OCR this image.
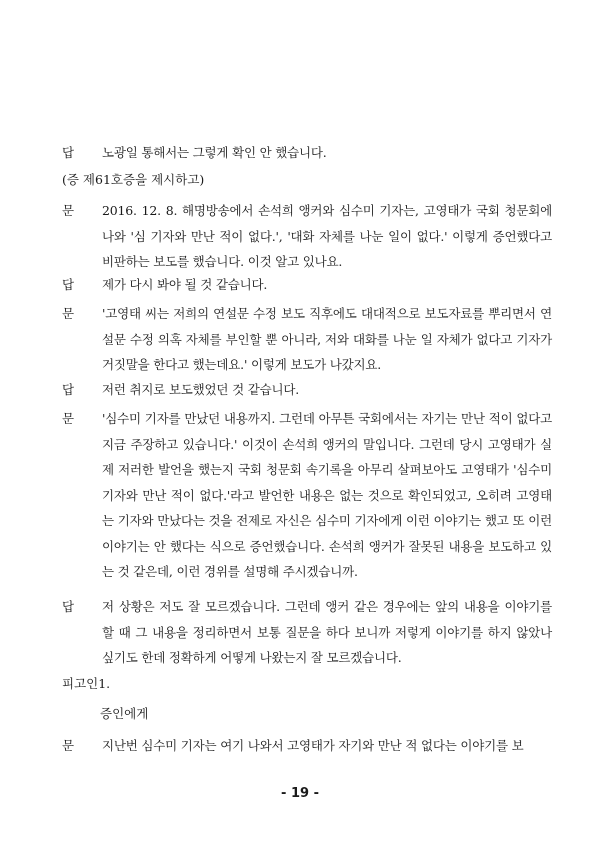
답	노광일 통해서는 그렇게 확인 안 했습니다.
(증 제61호증을 제시하고)
문	2016. 12. 8. 해명방송에서 손석희 앵커와 심수미 기자는, 고영태가 국회 청문회에 나와 '심 기자와 만난 적이 없다.', '대화 자체를 나눈 일이 없다.' 이렇게 증언했다고 비판하는 보도를 했습니다. 이것 알고 있나요.
답	제가 다시 봐야 될 것 같습니다.
문	'고영태 씨는 저희의 연설문 수정 보도 직후에도 대대적으로 보도자료를 뿌리면서 연설문 수정 의혹 자체를 부인할 뿐 아니라, 저와 대화를 나눈 일 자체가 없다고 기자가 거짓말을 한다고 했는데요.' 이렇게 보도가 나갔지요.
답	저런 취지로 보도했었던 것 같습니다.
문	'심수미 기자를 만났던 내용까지. 그런데 아무튼 국회에서는 자기는 만난 적이 없다고 지금 주장하고 있습니다.' 이것이 손석희 앵커의 말입니다. 그런데 당시 고영태가 실제 저러한 발언을 했는지 국회 청문회 속기록을 아무리 살펴보아도 고영태가 '심수미 기자와 만난 적이 없다.'라고 발언한 내용은 없는 것으로 확인되었고, 오히려 고영태는 기자와 만났다는 것을 전제로 자신은 심수미 기자에게 이런 이야기는 했고 또 이런 이야기는 안 했다는 식으로 증언했습니다. 손석희 앵커가 잘못된 내용을 보도하고 있는 것 같은데, 이런 경위를 설명해 주시겠습니까.
답	저 상황은 저도 잘 모르겠습니다. 그런데 앵커 같은 경우에는 앞의 내용을 이야기를 할 때 그 내용을 정리하면서 보통 질문을 하다 보니까 저렇게 이야기를 하지 않았나 싶기도 한데 정확하게 어떻게 나왔는지 잘 모르겠습니다.
피고인1.
증인에게
문	지난번 심수미 기자는 여기 나와서 고영태가 자기와 만난 적 없다는 이야기를 보
- 19 -
